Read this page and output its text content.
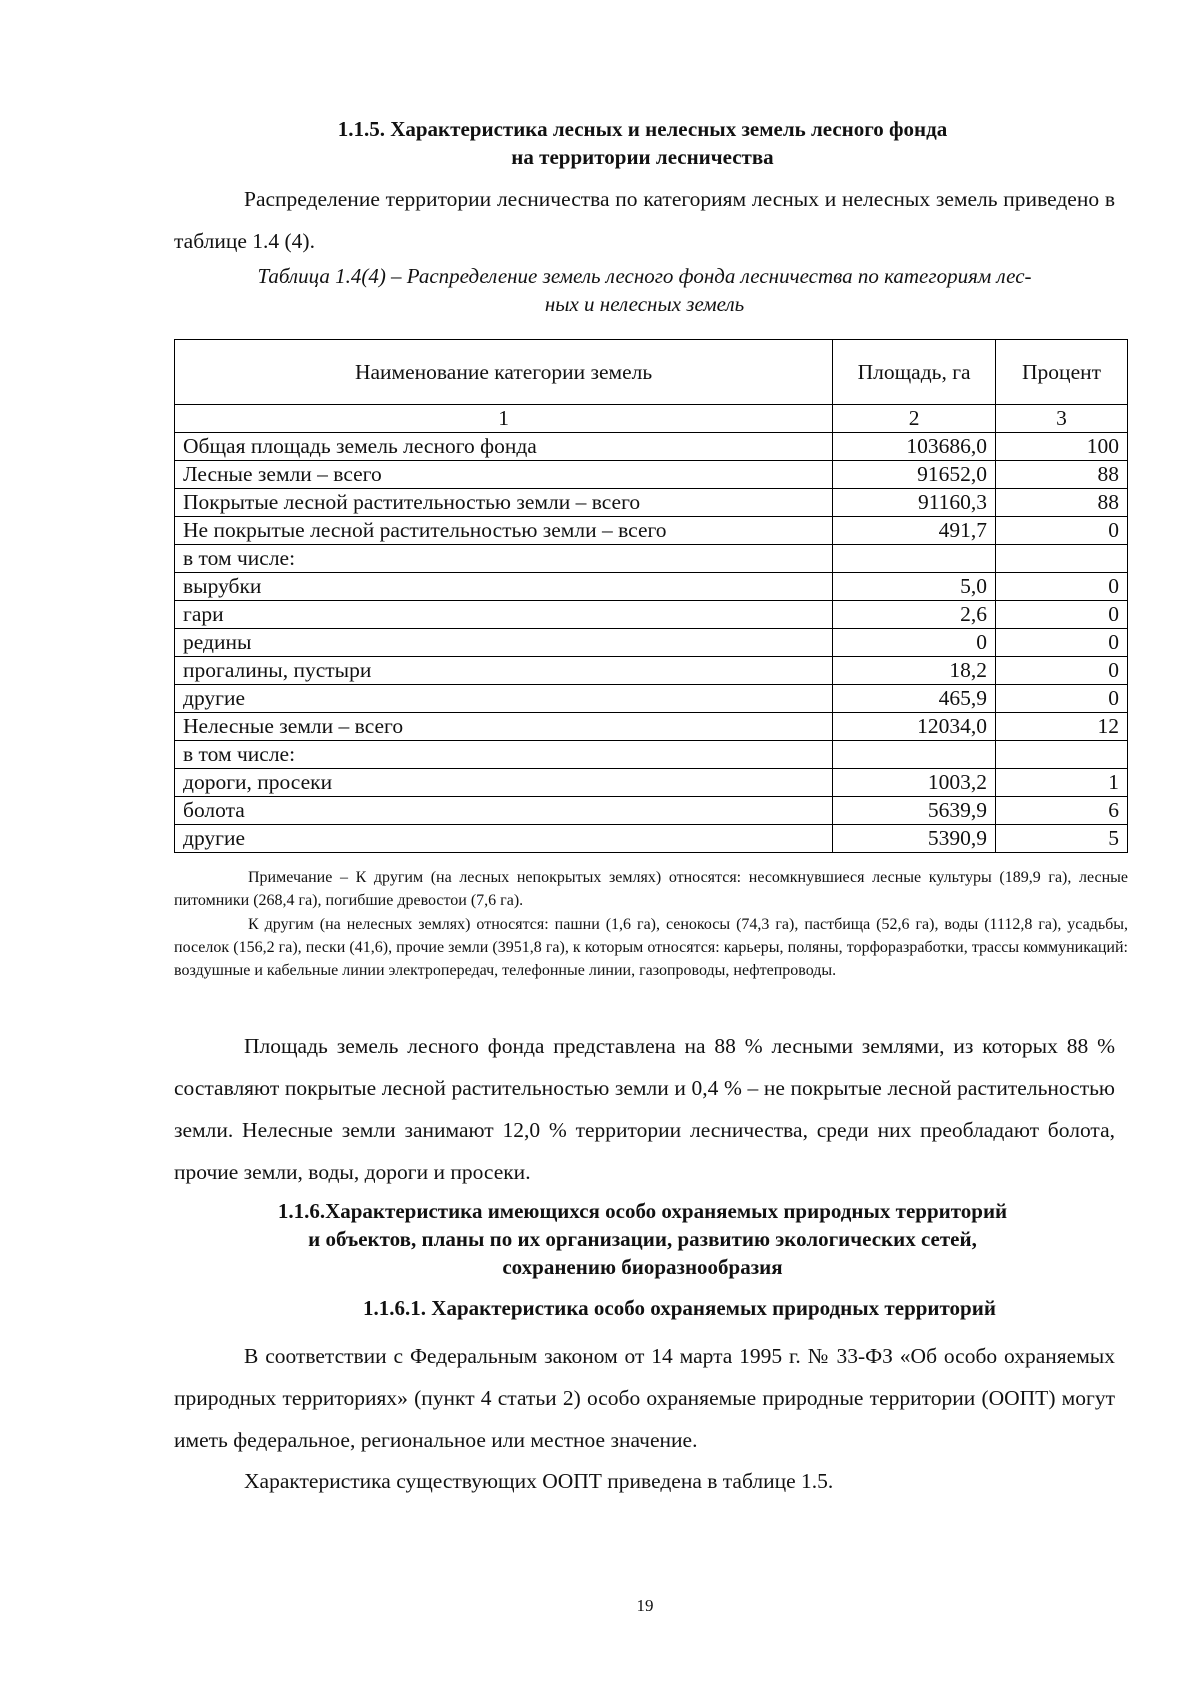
1.1.5. Характеристика лесных и нелесных земель лесного фонда
на территории лесничества

Распределение территории лесничества по категориям лесных и нелесных земель приведено в таблице 1.4 (4).

Таблица 1.4(4) – Распределение земель лесного фонда лесничества по категориям лес-
ных и нелесных земель
Наименование категории земель	Площадь, га	Процент
1	2	3
Общая площадь земель лесного фонда	103686,0	100
Лесные земли – всего	91652,0	88
Покрытые лесной растительностью земли – всего	91160,3	88
Не покрытые лесной растительностью земли – всего	491,7	0
в том числе:		
вырубки	5,0	0
гари	2,6	0
редины	0	0
прогалины, пустыри	18,2	0
другие	465,9	0
Нелесные земли – всего	12034,0	12
в том числе:		
дороги, просеки	1003,2	1
болота	5639,9	6
другие	5390,9	5

Примечание – К другим (на лесных непокрытых землях) относятся: несомкнувшиеся лесные культуры (189,9 га), лесные питомники (268,4 га), погибшие древостои (7,6 га).

К другим (на нелесных землях) относятся: пашни (1,6 га), сенокосы (74,3 га), пастбища (52,6 га), воды (1112,8 га), усадьбы, поселок (156,2 га), пески (41,6), прочие земли (3951,8 га), к которым относятся: карьеры, поляны, торфоразработки, трассы коммуникаций: воздушные и кабельные линии электропередач, телефонные линии, газопроводы, нефтепроводы.

Площадь земель лесного фонда представлена на 88 % лесными землями, из которых 88 % составляют покрытые лесной растительностью земли и 0,4 % – не покрытые лесной растительностью земли. Нелесные земли занимают 12,0 % территории лесничества, среди них преобладают болота, прочие земли, воды, дороги и просеки.

1.1.6.Характеристика имеющихся особо охраняемых природных территорий
и объектов, планы по их организации, развитию экологических сетей,
сохранению биоразнообразия
1.1.6.1. Характеристика особо охраняемых природных территорий

В соответствии с Федеральным законом от 14 марта 1995 г. № 33-ФЗ «Об особо охраняемых природных территориях» (пункт 4 статьи 2) особо охраняемые природные территории (ООПТ) могут иметь федеральное, региональное или местное значение.

Характеристика существующих ООПТ приведена в таблице 1.5.

19
